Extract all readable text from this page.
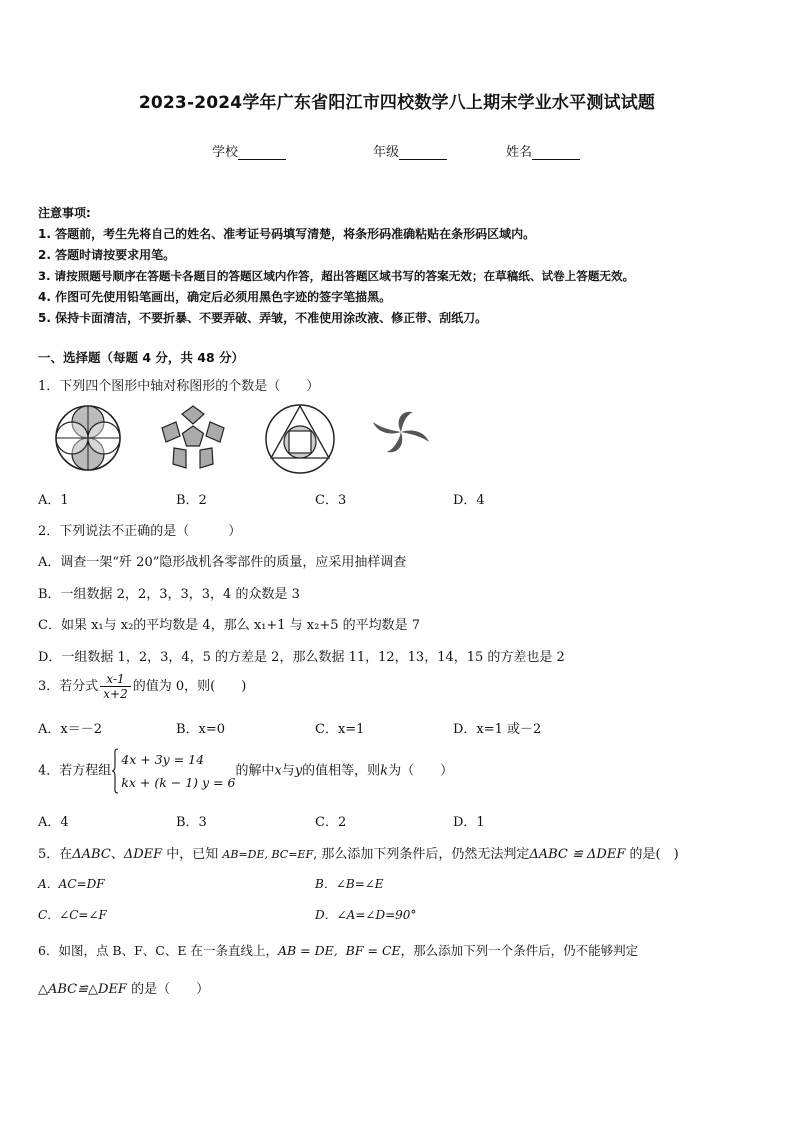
2023-2024学年广东省阳江市四校数学八上期末学业水平测试试题
学校	年级	姓名
注意事项:
1. 答题前，考生先将自己的姓名、准考证号码填写清楚，将条形码准确粘贴在条形码区域内。
2. 答题时请按要求用笔。
3. 请按照题号顺序在答题卡各题目的答题区域内作答，超出答题区域书写的答案无效；在草稿纸、试卷上答题无效。
4. 作图可先使用铅笔画出，确定后必须用黑色字迹的签字笔描黑。
5. 保持卡面清洁，不要折暴、不要弄破、弄皱，不准使用涂改液、修正带、刮纸刀。
一、选择题（每题 4 分，共 48 分）
1．下列四个图形中轴对称图形的个数是（　　）
A．1	B．2	C．3	D．4
2．下列说法不正确的是（　　　）
A．调查一架“歼 20”隐形战机各零部件的质量，应采用抽样调查
B．一组数据 2，2，3，3，3，4 的众数是 3
C．如果 x₁与 x₂的平均数是 4，那么 x₁+1 与 x₂+5 的平均数是 7
D．一组数据 1，2，3，4，5 的方差是 2，那么数据 11，12，13，14，15 的方差也是 2
3．若分式 $\frac{x-1}{x+2}$ 的值为 0，则(　　)
A．x＝－2	B．x=0	C．x=1	D．x=1 或－2
4．若方程组
4x + 3y = 14
kx + (k − 1) y = 6
的解中x与y的值相等，则k为（　　）
A．4	B．3	C．2	D．1
5．在ΔABC、ΔDEF 中，已知 AB=DE, BC=EF, 那么添加下列条件后，仍然无法判定ΔABC ≌ ΔDEF 的是(　)
A．AC=DF	B．∠B=∠E
C．∠C=∠F	D．∠A=∠D=90°
6．如图，点 B、F、C、E 在一条直线上，AB = DE, BF = CE，那么添加下列一个条件后，仍不能够判定
△ABC≌△DEF 的是（　　）
